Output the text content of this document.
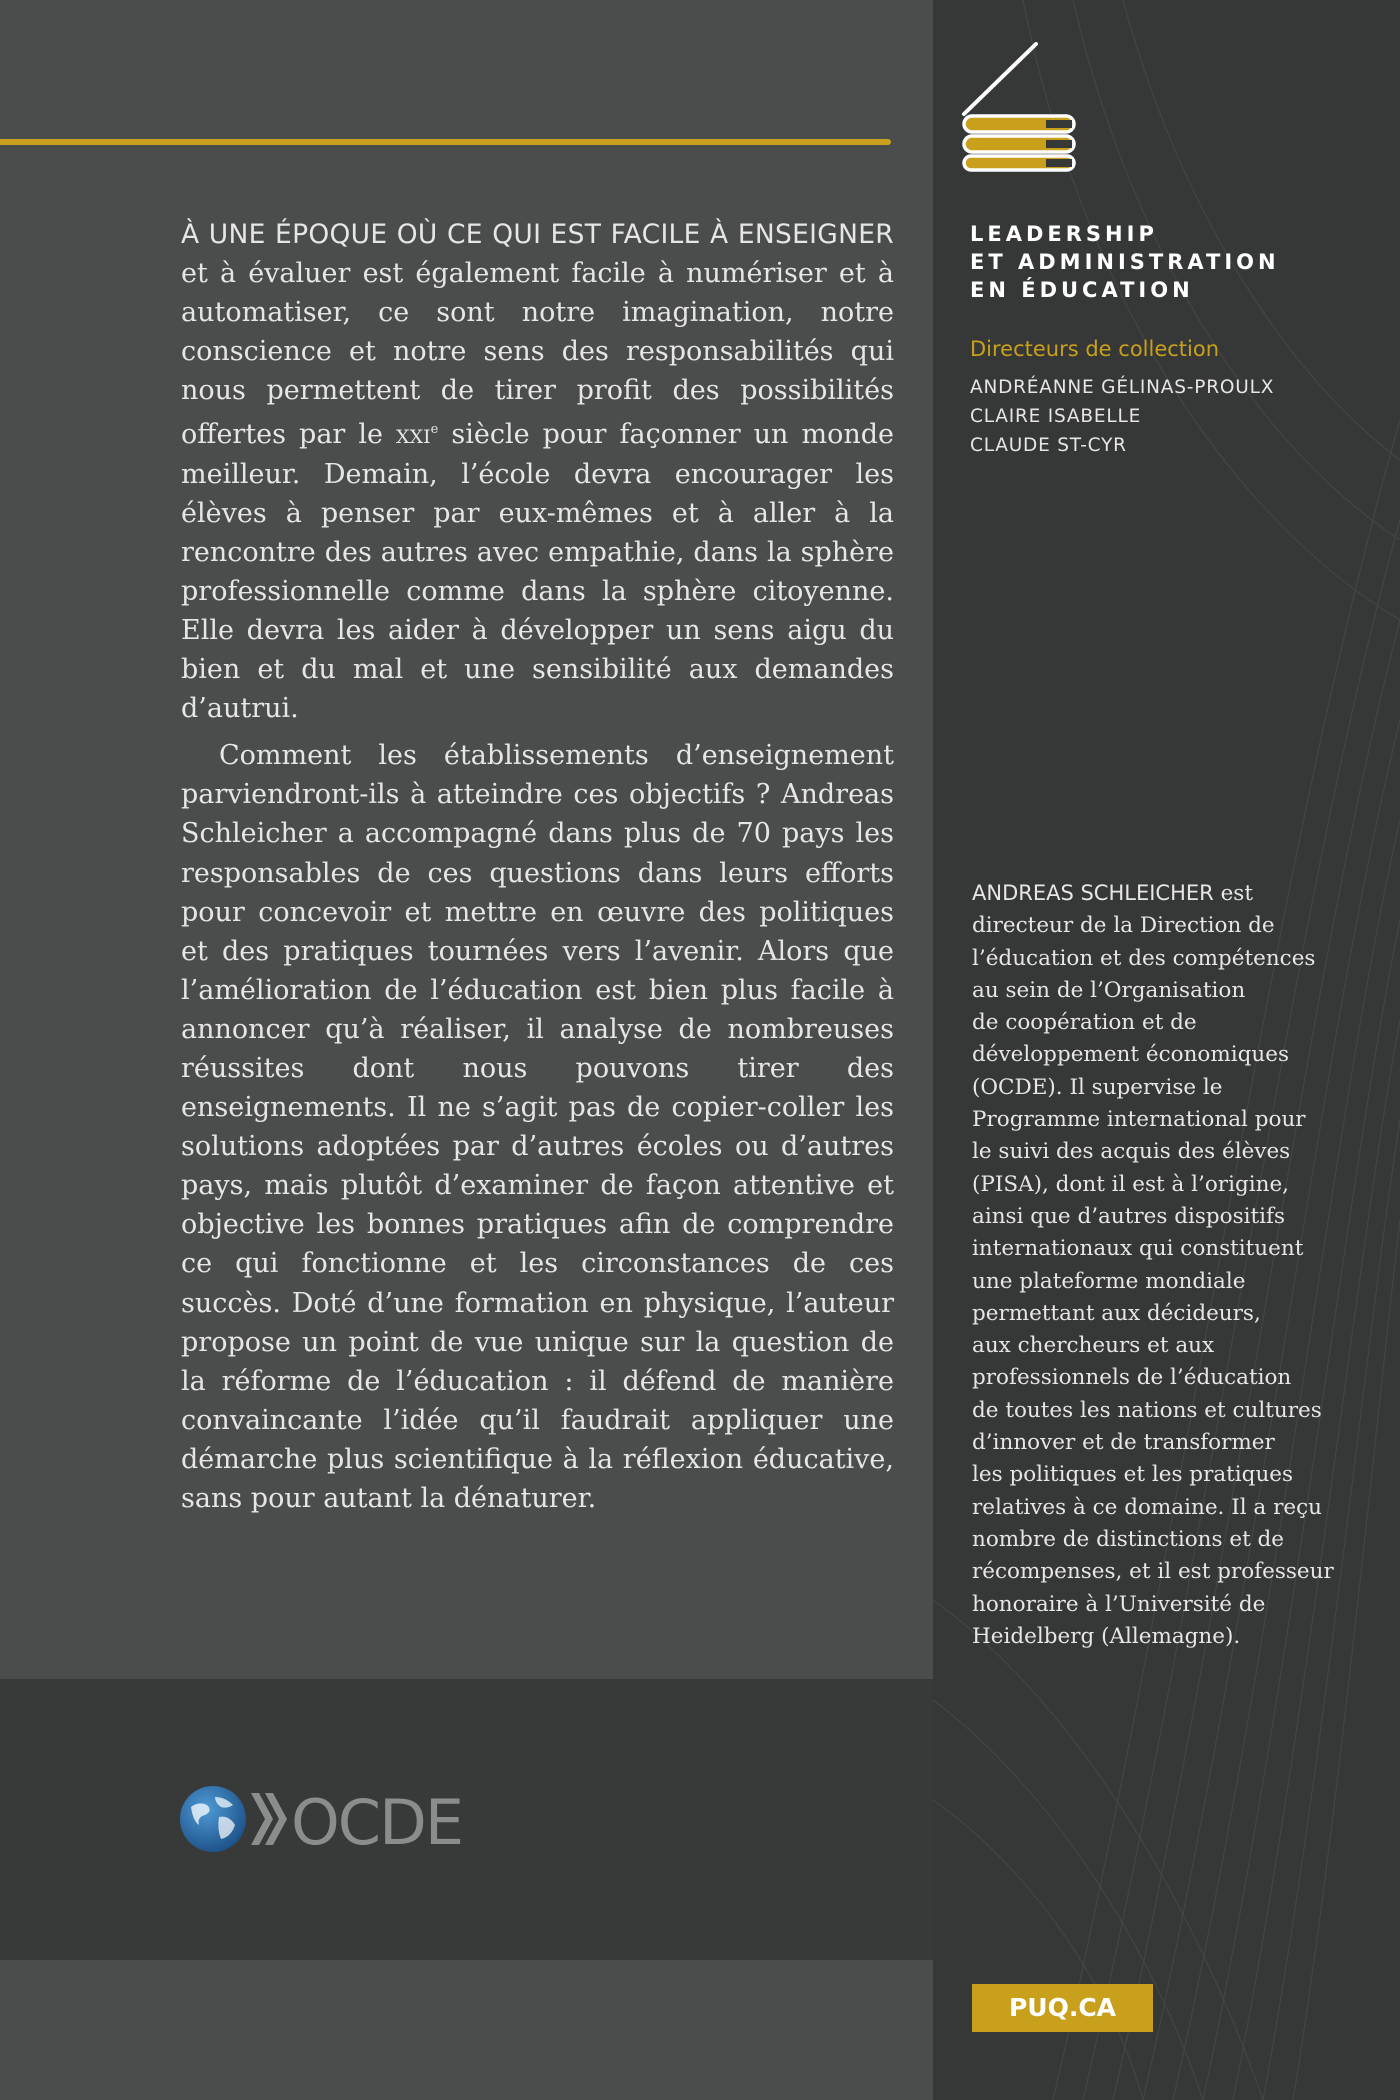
À UNE ÉPOQUE OÙ CE QUI EST FACILE À ENSEIGNER et à évaluer est également facile à numériser et à automatiser, ce sont notre imagination, notre conscience et notre sens des responsabilités qui nous permettent de tirer profit des possibilités offertes par le xxi$^e$ siècle pour façonner un monde meilleur. Demain, l’école devra encourager les élèves à penser par eux-mêmes et à aller à la rencontre des autres avec empathie, dans la sphère professionnelle comme dans la sphère citoyenne. Elle devra les aider à développer un sens aigu du bien et du mal et une sensibilité aux demandes d’autrui.

Comment les établissements d’enseignement parviendront-ils à atteindre ces objectifs ? Andreas Schleicher a accompagné dans plus de 70 pays les responsables de ces questions dans leurs efforts pour concevoir et mettre en œuvre des politiques et des pratiques tournées vers l’avenir. Alors que l’amélioration de l’éducation est bien plus facile à annoncer qu’à réaliser, il analyse de nombreuses réussites dont nous pouvons tirer des enseignements. Il ne s’agit pas de copier-coller les solutions adoptées par d’autres écoles ou d’autres pays, mais plutôt d’examiner de façon attentive et objective les bonnes pratiques afin de comprendre ce qui fonctionne et les circonstances de ces succès. Doté d’une formation en physique, l’auteur propose un point de vue unique sur la question de la réforme de l’éducation : il défend de manière convaincante l’idée qu’il faudrait appliquer une démarche plus scientifique à la réflexion éducative, sans pour autant la dénaturer.

OCDE
LEADERSHIP
ET ADMINISTRATION
EN ÉDUCATION
Directeurs de collection
ANDRÉANNE GÉLINAS-PROULX
CLAIRE ISABELLE
CLAUDE ST-CYR
ANDREAS SCHLEICHER est
directeur de la Direction de
l’éducation et des compétences
au sein de l’Organisation
de coopération et de
développement économiques
(OCDE). Il supervise le
Programme international pour
le suivi des acquis des élèves
(PISA), dont il est à l’origine,
ainsi que d’autres dispositifs
internationaux qui constituent
une plateforme mondiale
permettant aux décideurs,
aux chercheurs et aux
professionnels de l’éducation
de toutes les nations et cultures
d’innover et de transformer
les politiques et les pratiques
relatives à ce domaine. Il a reçu
nombre de distinctions et de
récompenses, et il est professeur
honoraire à l’Université de
Heidelberg (Allemagne).
PUQ.CA
